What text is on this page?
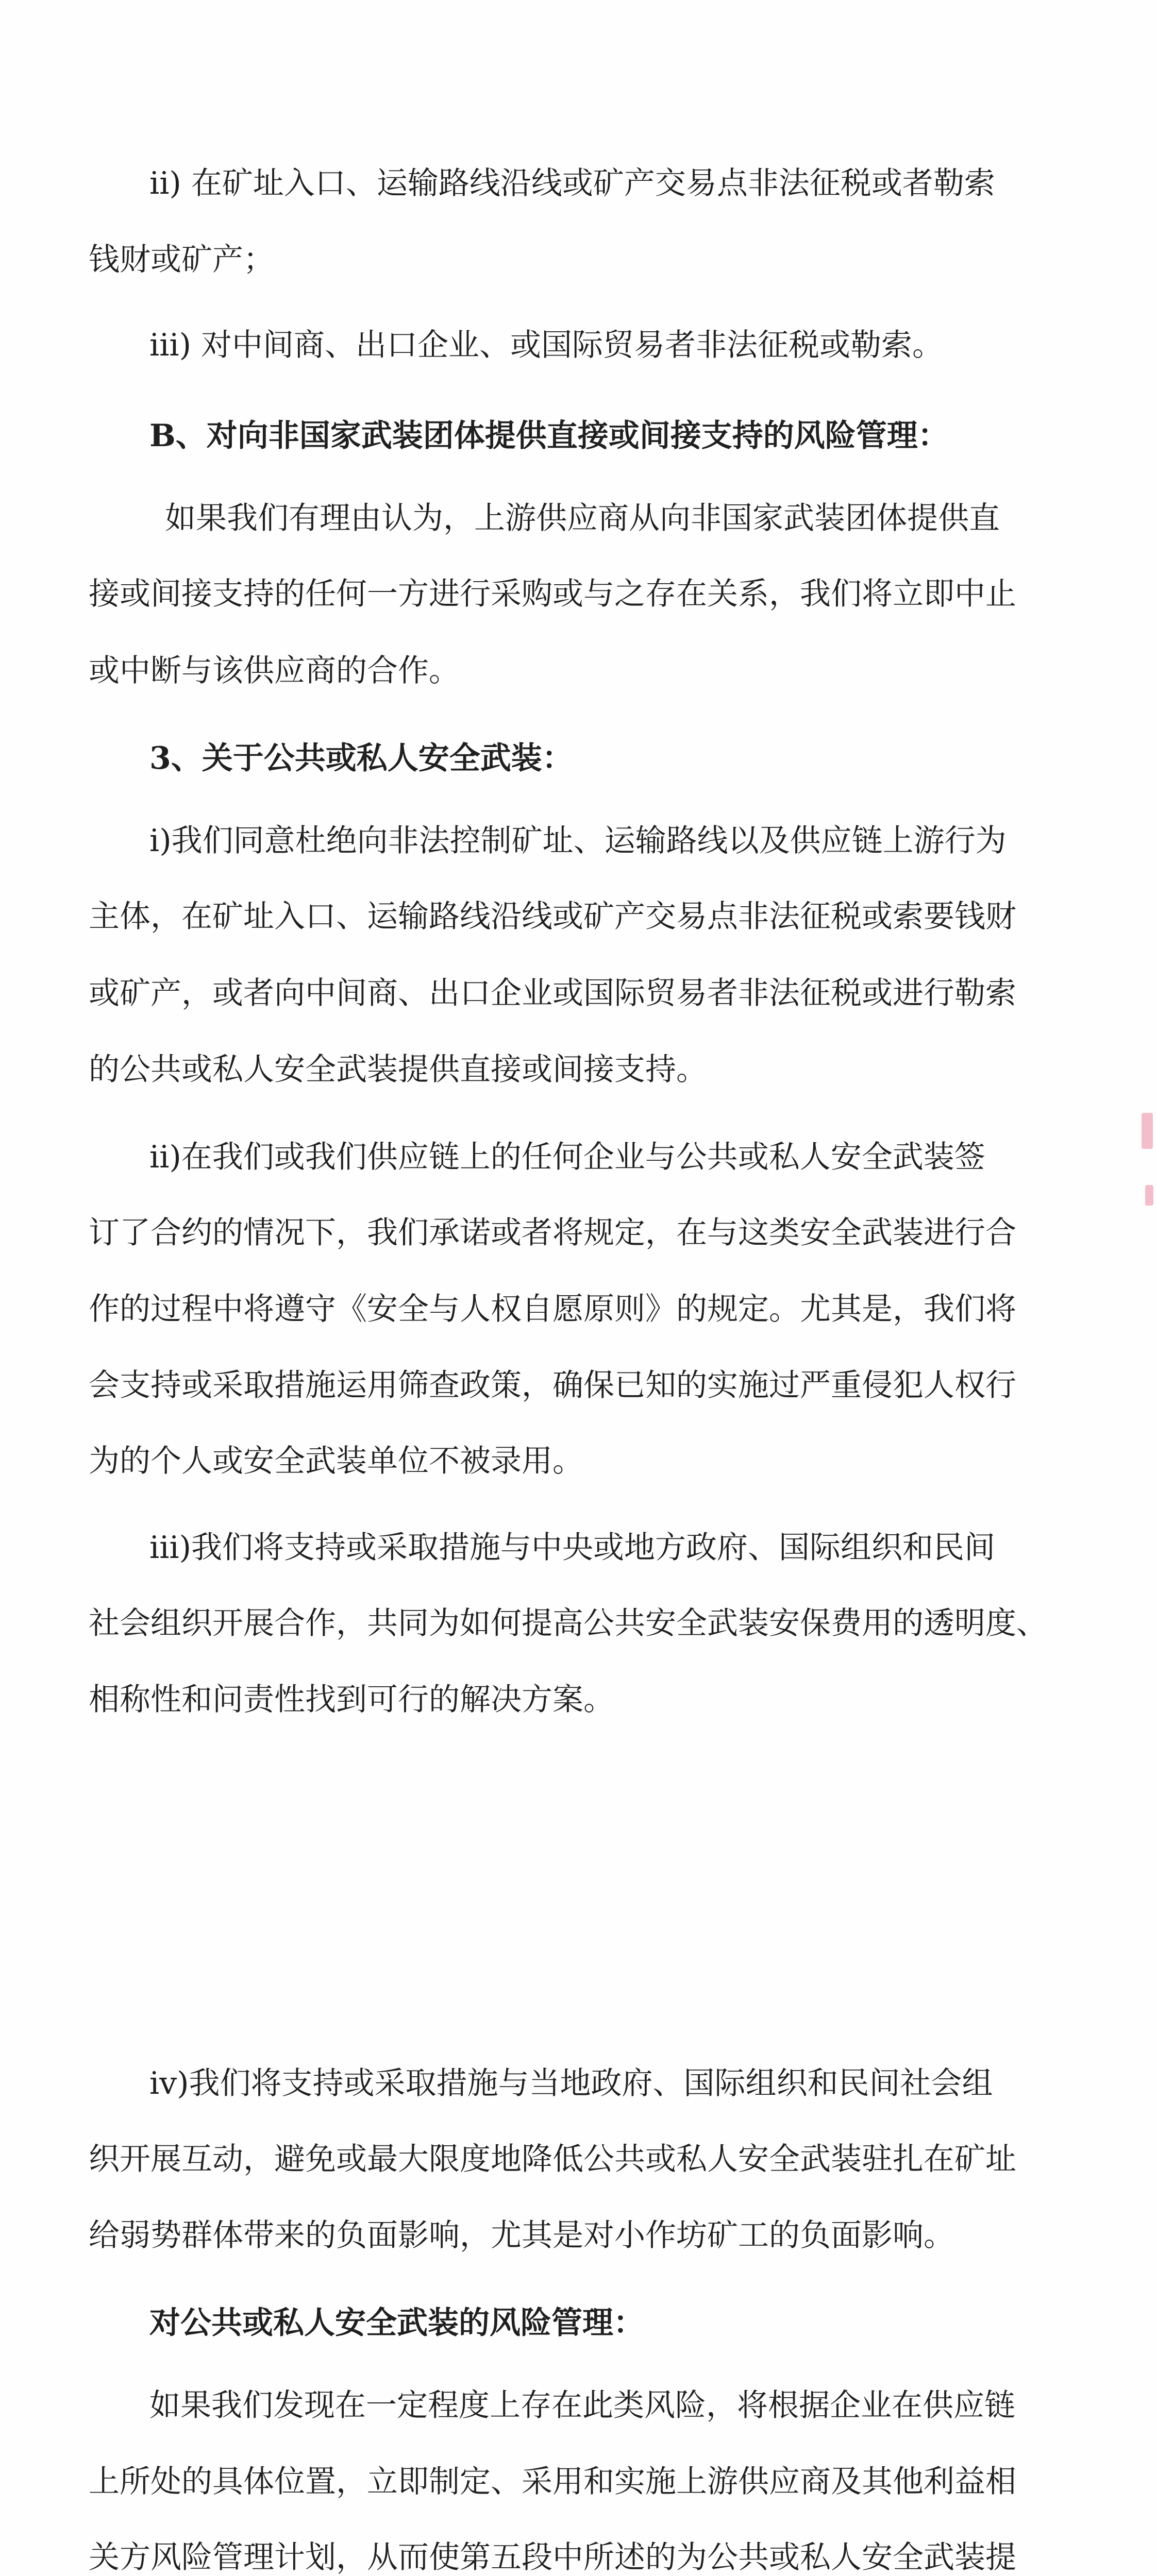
ii) 在矿址入口、运输路线沿线或矿产交易点非法征税或者勒索
钱财或矿产；
iii) 对中间商、出口企业、或国际贸易者非法征税或勒索。
B、对向非国家武装团体提供直接或间接支持的风险管理：
如果我们有理由认为，上游供应商从向非国家武装团体提供直
接或间接支持的任何一方进行采购或与之存在关系，我们将立即中止
或中断与该供应商的合作。
3、关于公共或私人安全武装：
i)我们同意杜绝向非法控制矿址、运输路线以及供应链上游行为
主体，在矿址入口、运输路线沿线或矿产交易点非法征税或索要钱财
或矿产，或者向中间商、出口企业或国际贸易者非法征税或进行勒索
的公共或私人安全武装提供直接或间接支持。
ii)在我们或我们供应链上的任何企业与公共或私人安全武装签
订了合约的情况下，我们承诺或者将规定，在与这类安全武装进行合
作的过程中将遵守《安全与人权自愿原则》的规定。尤其是，我们将
会支持或采取措施运用筛查政策，确保已知的实施过严重侵犯人权行
为的个人或安全武装单位不被录用。
iii)我们将支持或采取措施与中央或地方政府、国际组织和民间
社会组织开展合作，共同为如何提高公共安全武装安保费用的透明度、
相称性和问责性找到可行的解决方案。
iv)我们将支持或采取措施与当地政府、国际组织和民间社会组
织开展互动，避免或最大限度地降低公共或私人安全武装驻扎在矿址
给弱势群体带来的负面影响，尤其是对小作坊矿工的负面影响。
对公共或私人安全武装的风险管理：
如果我们发现在一定程度上存在此类风险，将根据企业在供应链
上所处的具体位置，立即制定、采用和实施上游供应商及其他利益相
关方风险管理计划，从而使第五段中所述的为公共或私人安全武装提
